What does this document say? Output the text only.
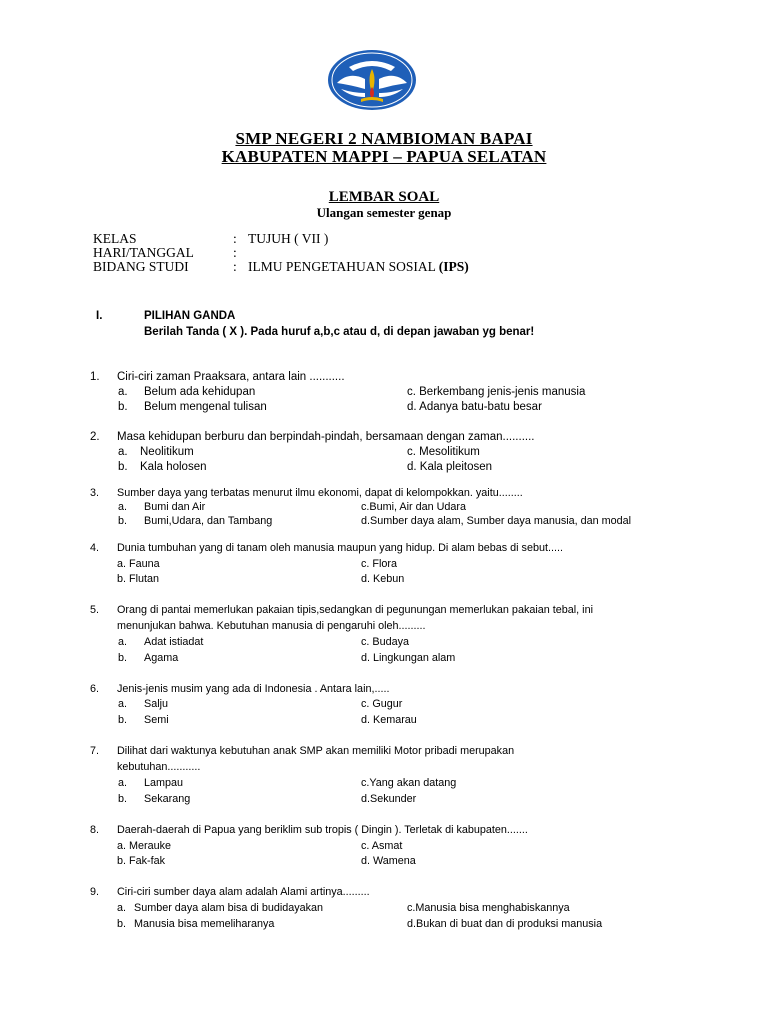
SMP NEGERI 2 NAMBIOMAN BAPAI
KABUPATEN MAPPI – PAPUA SELATAN
LEMBAR SOAL
Ulangan semester genap
KELAS	: TUJUH ( VII )
HARI/TANGGAL	:
BIDANG STUDI	: ILMU PENGETAHUAN SOSIAL (IPS)
I.	PILIHAN GANDA
Berilah Tanda ( X ). Pada huruf a,b,c atau d, di depan jawaban yg benar!
1. Ciri-ciri zaman Praaksara, antara lain ...........
a. Belum ada kehidupan
b. Belum mengenal tulisan
c. Berkembang jenis-jenis manusia
d. Adanya batu-batu besar
2. Masa kehidupan berburu dan berpindah-pindah, bersamaan dengan zaman..........
a. Neolitikum
b. Kala holosen
c. Mesolitikum
d. Kala pleitosen
3. Sumber daya yang terbatas menurut ilmu ekonomi, dapat di kelompokkan. yaitu........
a. Bumi dan Air
b. Bumi,Udara, dan Tambang
c.Bumi, Air dan Udara
d.Sumber daya alam, Sumber daya manusia, dan modal
4. Dunia tumbuhan yang di tanam oleh manusia maupun yang hidup. Di alam bebas di sebut.....
a. Fauna
b. Flutan
c. Flora
d. Kebun
5. Orang di pantai memerlukan pakaian tipis,sedangkan di pegunungan memerlukan pakaian tebal, ini
menunjukan bahwa. Kebutuhan manusia di pengaruhi oleh.........
a. Adat istiadat
b. Agama
c. Budaya
d. Lingkungan alam
6. Jenis-jenis musim yang ada di Indonesia . Antara lain,.....
a. Salju
b. Semi
c. Gugur
d. Kemarau
7. Dilihat dari waktunya kebutuhan anak SMP akan memiliki Motor pribadi merupakan
kebutuhan...........
a. Lampau
b. Sekarang
c.Yang akan datang
d.Sekunder
8. Daerah-daerah di Papua yang beriklim sub tropis ( Dingin ). Terletak di kabupaten.......
a. Merauke
b. Fak-fak
c. Asmat
d. Wamena
9. Ciri-ciri sumber daya alam adalah Alami artinya.........
a. Sumber daya alam bisa di budidayakan
b. Manusia bisa memeliharanya
c.Manusia bisa menghabiskannya
d.Bukan di buat dan di produksi manusia
